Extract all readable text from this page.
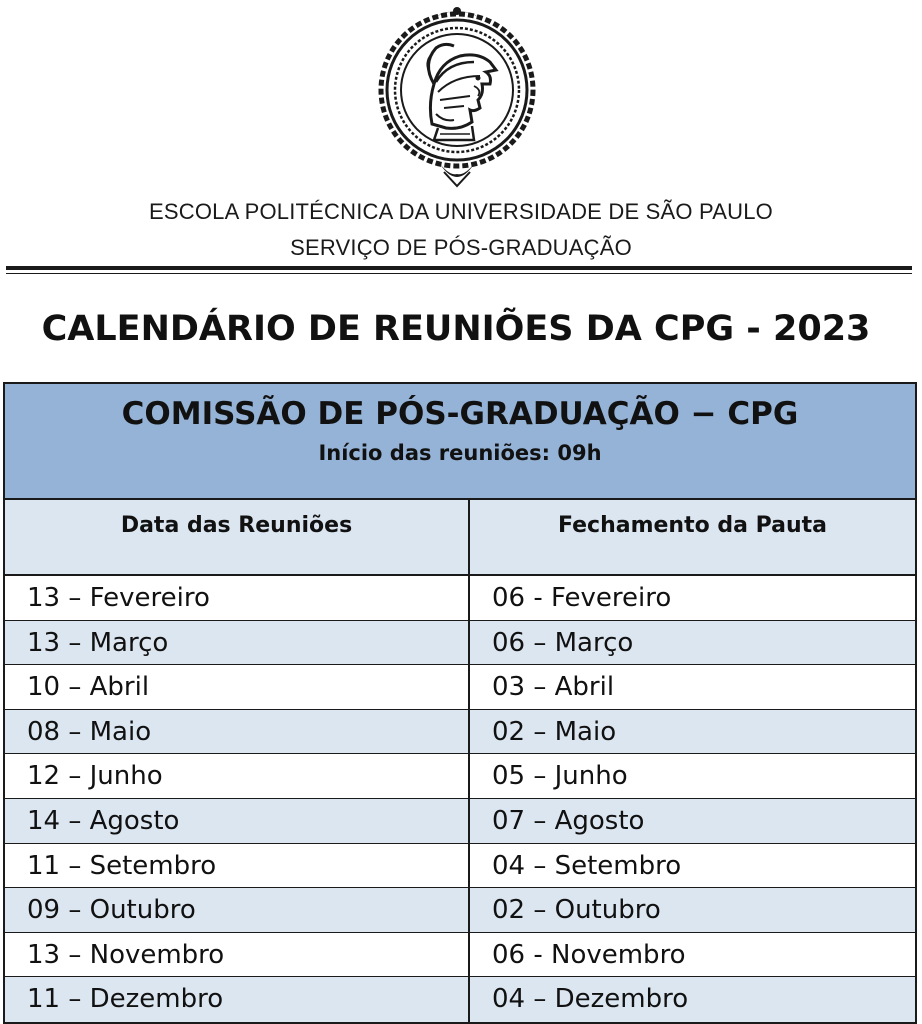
ESCOLA POLITÉCNICA DA UNIVERSIDADE DE SÃO PAULO
SERVIÇO DE PÓS-GRADUAÇÃO
CALENDÁRIO DE REUNIÕES DA CPG - 2023
COMISSÃO DE PÓS-GRADUAÇÃO − CPG
Início das reuniões: 09h
Data das Reuniões	Fechamento da Pauta
13 – Fevereiro	06 - Fevereiro
13 – Março	06 – Março
10 – Abril	03 – Abril
08 – Maio	02 – Maio
12 – Junho	05 – Junho
14 – Agosto	07 – Agosto
11 – Setembro	04 – Setembro
09 – Outubro	02 – Outubro
13 – Novembro	06 - Novembro
11 – Dezembro	04 – Dezembro
